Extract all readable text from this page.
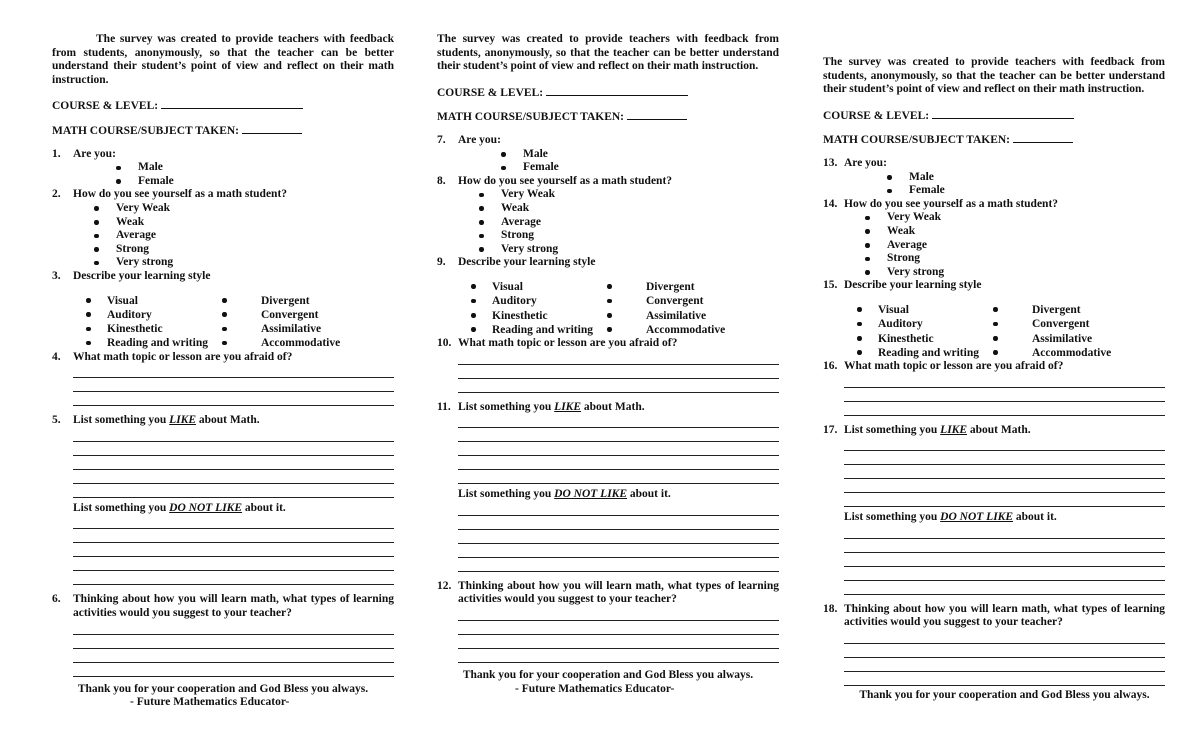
The survey was created to provide teachers with feedback from students, anonymously, so that the teacher can be better understand their student’s point of view and reflect on their math instruction.

COURSE & LEVEL:
MATH COURSE/SUBJECT TAKEN:
1. Are you:
Male
Female
2. How do you see yourself as a math student?
Very Weak
Weak
Average
Strong
Very strong
3. Describe your learning style
Visual
Auditory
Kinesthetic
Reading and writing
Divergent
Convergent
Assimilative
Accommodative
4. What math topic or lesson are you afraid of?
5. List something you LIKE about Math.
List something you DO NOT LIKE about it.
6. Thinking about how you will learn math, what types of learning activities would you suggest to your teacher?
Thank you for your cooperation and God Bless you always.
- Future Mathematics Educator-

The survey was created to provide teachers with feedback from students, anonymously, so that the teacher can be better understand their student’s point of view and reflect on their math instruction.

COURSE & LEVEL:
MATH COURSE/SUBJECT TAKEN:
7. Are you:
Male
Female
8. How do you see yourself as a math student?
Very Weak
Weak
Average
Strong
Very strong
9. Describe your learning style
Visual
Auditory
Kinesthetic
Reading and writing
Divergent
Convergent
Assimilative
Accommodative
10. What math topic or lesson are you afraid of?
11. List something you LIKE about Math.
List something you DO NOT LIKE about it.
12. Thinking about how you will learn math, what types of learning activities would you suggest to your teacher?
Thank you for your cooperation and God Bless you always.
- Future Mathematics Educator-

The survey was created to provide teachers with feedback from students, anonymously, so that the teacher can be better understand their student’s point of view and reflect on their math instruction.

COURSE & LEVEL:
MATH COURSE/SUBJECT TAKEN:
13. Are you:
Male
Female
14. How do you see yourself as a math student?
Very Weak
Weak
Average
Strong
Very strong
15. Describe your learning style
Visual
Auditory
Kinesthetic
Reading and writing
Divergent
Convergent
Assimilative
Accommodative
16. What math topic or lesson are you afraid of?
17. List something you LIKE about Math.
List something you DO NOT LIKE about it.
18. Thinking about how you will learn math, what types of learning activities would you suggest to your teacher?
Thank you for your cooperation and God Bless you always.
